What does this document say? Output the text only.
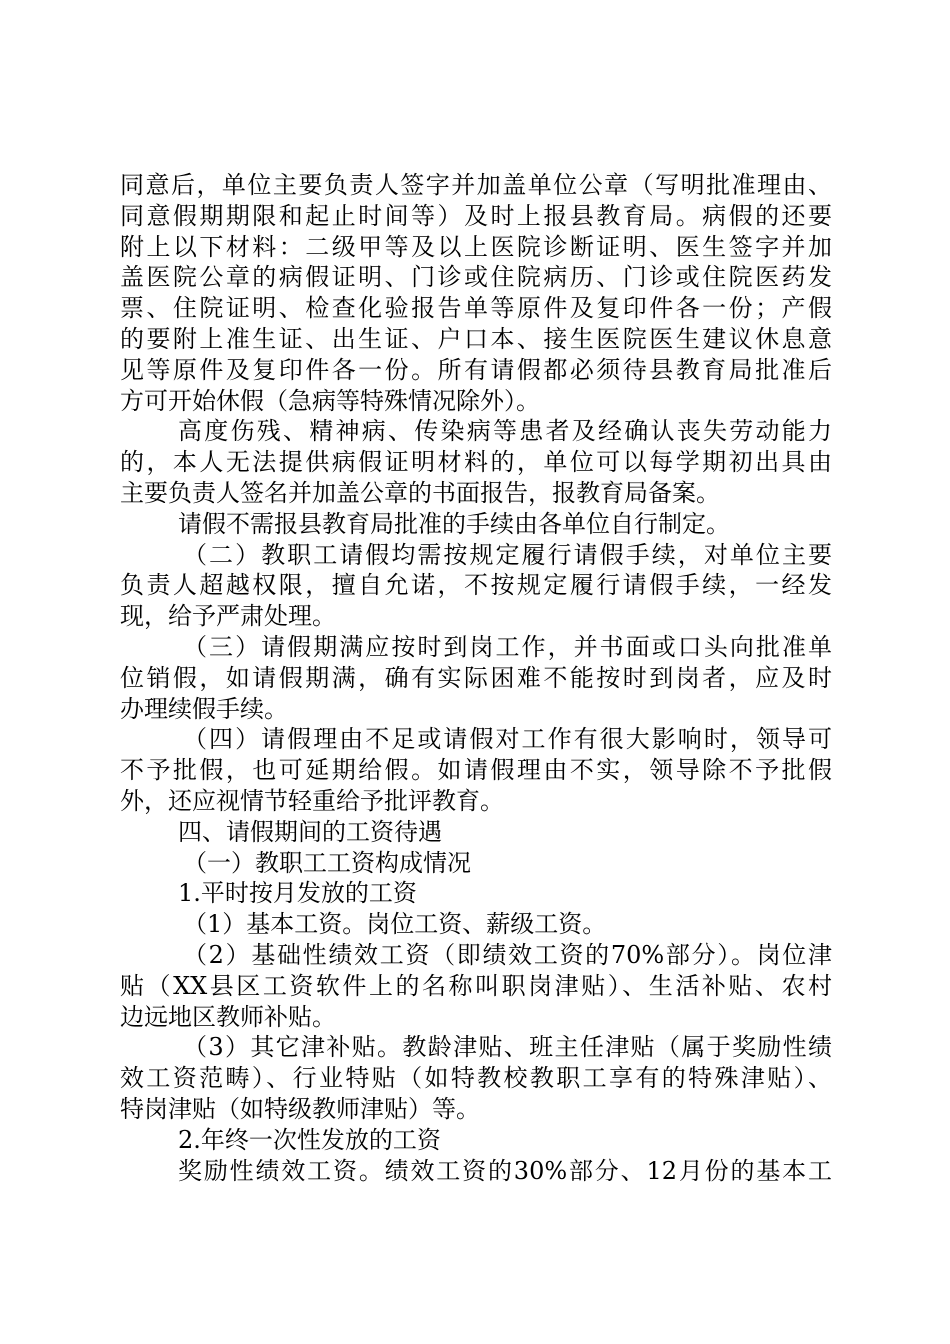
同意后，单位主要负责人签字并加盖单位公章（写明批准理由、
同意假期期限和起止时间等）及时上报县教育局。病假的还要
附上以下材料：二级甲等及以上医院诊断证明、医生签字并加
盖医院公章的病假证明、门诊或住院病历、门诊或住院医药发
票、住院证明、检查化验报告单等原件及复印件各一份；产假
的要附上准生证、出生证、户口本、接生医院医生建议休息意
见等原件及复印件各一份。所有请假都必须待县教育局批准后
方可开始休假（急病等特殊情况除外）。
高度伤残、精神病、传染病等患者及经确认丧失劳动能力
的，本人无法提供病假证明材料的，单位可以每学期初出具由
主要负责人签名并加盖公章的书面报告，报教育局备案。
请假不需报县教育局批准的手续由各单位自行制定。
（二）教职工请假均需按规定履行请假手续，对单位主要
负责人超越权限，擅自允诺，不按规定履行请假手续，一经发
现，给予严肃处理。
（三）请假期满应按时到岗工作，并书面或口头向批准单
位销假，如请假期满，确有实际困难不能按时到岗者，应及时
办理续假手续。
（四）请假理由不足或请假对工作有很大影响时，领导可
不予批假，也可延期给假。如请假理由不实，领导除不予批假
外，还应视情节轻重给予批评教育。
四、请假期间的工资待遇
（一）教职工工资构成情况
1.平时按月发放的工资
（1）基本工资。岗位工资、薪级工资。
（2）基础性绩效工资（即绩效工资的70%部分）。岗位津
贴（XX县区工资软件上的名称叫职岗津贴）、生活补贴、农村
边远地区教师补贴。
（3）其它津补贴。教龄津贴、班主任津贴（属于奖励性绩
效工资范畴）、行业特贴（如特教校教职工享有的特殊津贴）、
特岗津贴（如特级教师津贴）等。
2.年终一次性发放的工资
奖励性绩效工资。绩效工资的30%部分、12月份的基本工
